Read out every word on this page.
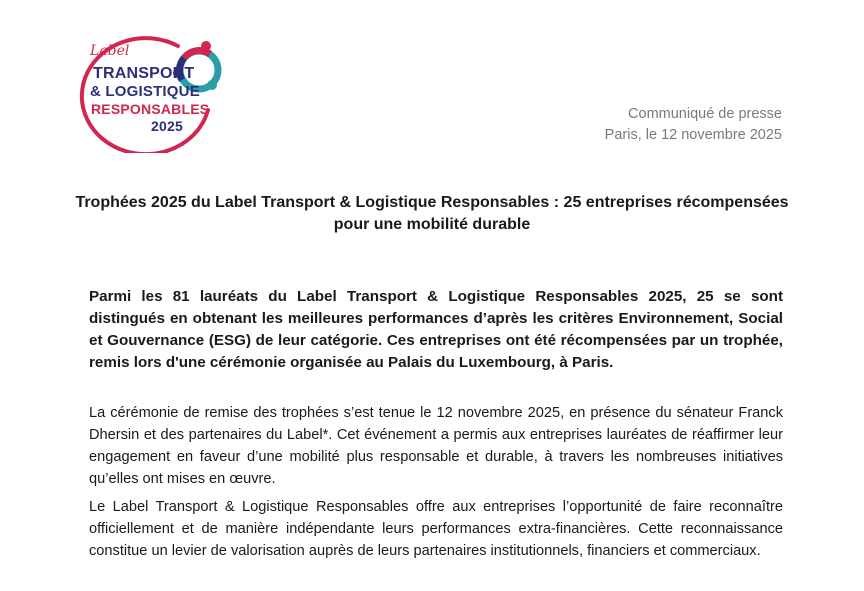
Label
TRANSPORT
& LOGISTIQUE
RESPONSABLES
2025
Communiqué de presse
Paris, le 12 novembre 2025
Trophées 2025 du Label Transport & Logistique Responsables : 25 entreprises récompensées pour une mobilité durable

Parmi les 81 lauréats du Label Transport & Logistique Responsables 2025, 25 se sont distingués en obtenant les meilleures performances d’après les critères Environnement, Social et Gouvernance (ESG) de leur catégorie. Ces entreprises ont été récompensées par un trophée, remis lors d'une cérémonie organisée au Palais du Luxembourg, à Paris.

La cérémonie de remise des trophées s’est tenue le 12 novembre 2025, en présence du sénateur Franck Dhersin et des partenaires du Label*. Cet événement a permis aux entreprises lauréates de réaffirmer leur engagement en faveur d’une mobilité plus responsable et durable, à travers les nombreuses initiatives qu’elles ont mises en œuvre.

Le Label Transport & Logistique Responsables offre aux entreprises l’opportunité de faire reconnaître officiellement et de manière indépendante leurs performances extra-financières. Cette reconnaissance constitue un levier de valorisation auprès de leurs partenaires institutionnels, financiers et commerciaux.
